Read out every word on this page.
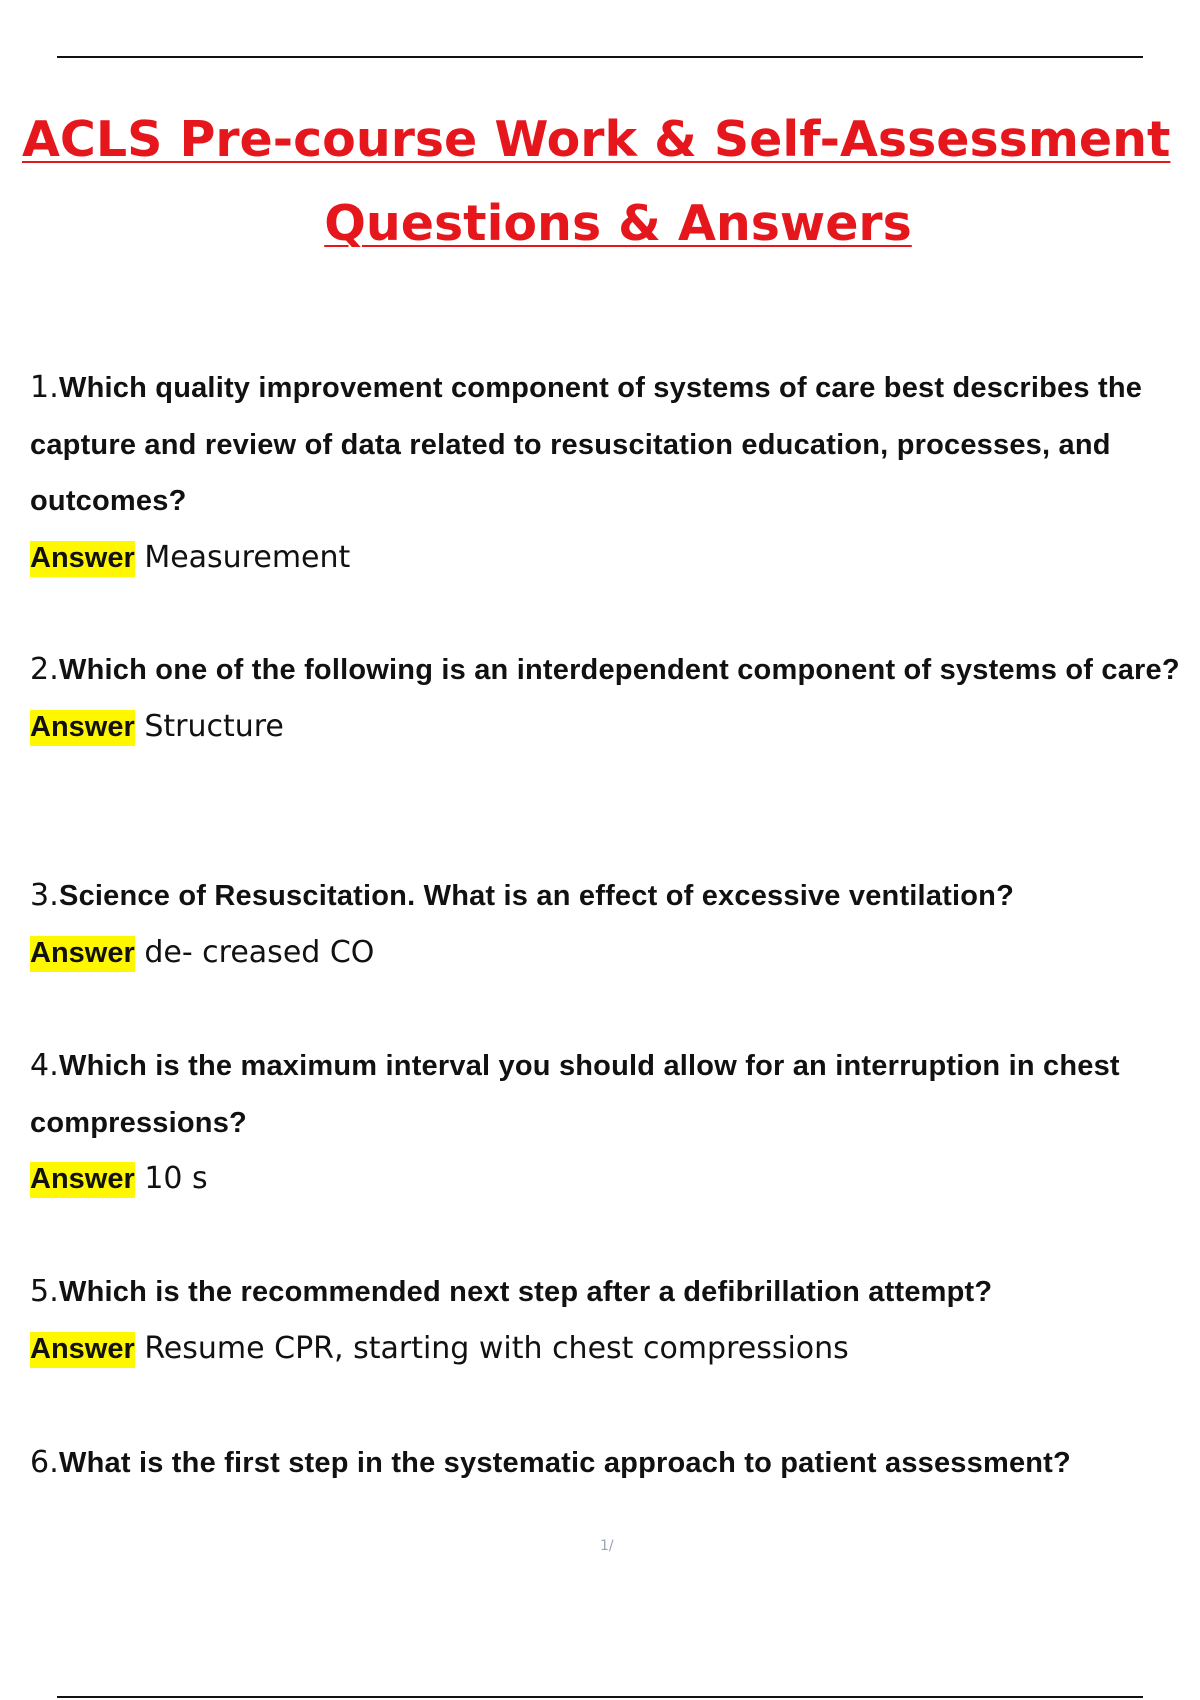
ACLS Pre-course Work & Self-Assessment
Questions & Answers

1.Which quality improvement component of systems of care best describes the capture and review of data related to resuscitation education, processes, and outcomes?

Answer Measurement

2.Which one of the following is an interdependent component of systems of care?

Answer Structure

3.Science of Resuscitation. What is an effect of excessive ventilation?

Answer de- creased CO

4.Which is the maximum interval you should allow for an interruption in chest compressions?

Answer 10 s

5.Which is the recommended next step after a defibrillation attempt?

Answer Resume CPR, starting with chest compressions

6.What is the first step in the systematic approach to patient assessment?

1/
